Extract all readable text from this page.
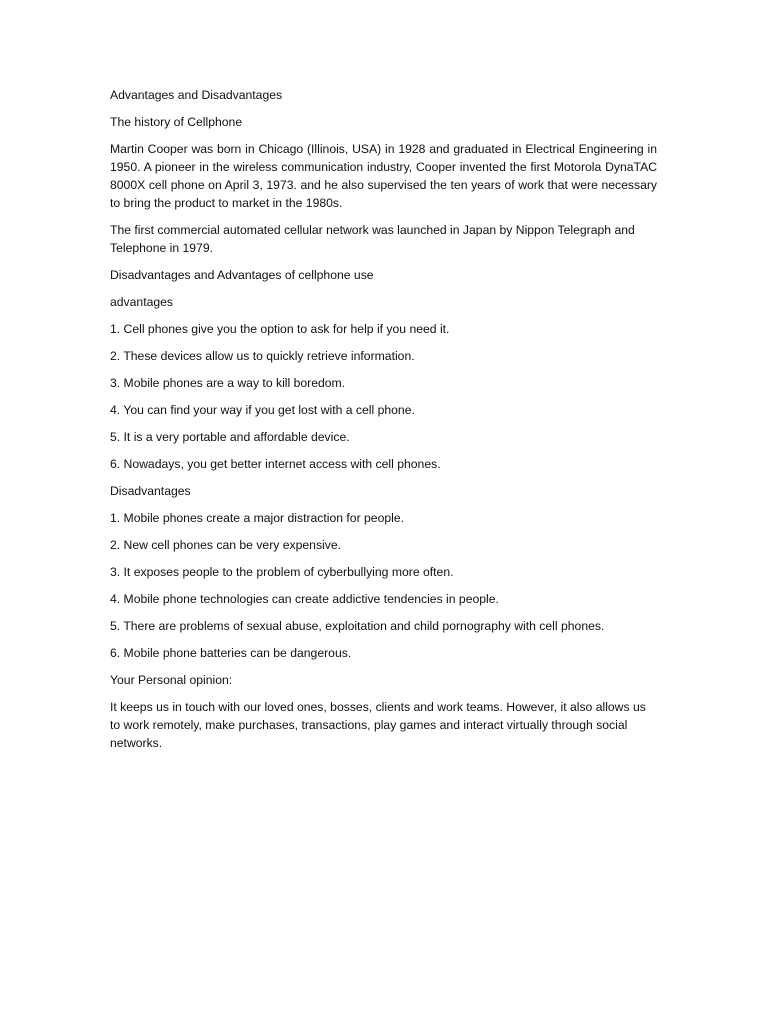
Advantages and Disadvantages

The history of Cellphone

Martin Cooper was born in Chicago (Illinois, USA) in 1928 and graduated in Electrical Engineering in 1950. A pioneer in the wireless communication industry, Cooper invented the first Motorola DynaTAC 8000X cell phone on April 3, 1973. and he also supervised the ten years of work that were necessary to bring the product to market in the 1980s.

The first commercial automated cellular network was launched in Japan by Nippon Telegraph and Telephone in 1979.

Disadvantages and Advantages of cellphone use

advantages

1. Cell phones give you the option to ask for help if you need it.

2. These devices allow us to quickly retrieve information.

3. Mobile phones are a way to kill boredom.

4. You can find your way if you get lost with a cell phone.

5. It is a very portable and affordable device.

6. Nowadays, you get better internet access with cell phones.

Disadvantages

1. Mobile phones create a major distraction for people.

2. New cell phones can be very expensive.

3. It exposes people to the problem of cyberbullying more often.

4. Mobile phone technologies can create addictive tendencies in people.

5. There are problems of sexual abuse, exploitation and child pornography with cell phones.

6. Mobile phone batteries can be dangerous.

Your Personal opinion:

It keeps us in touch with our loved ones, bosses, clients and work teams. However, it also allows us to work remotely, make purchases, transactions, play games and interact virtually through social networks.
